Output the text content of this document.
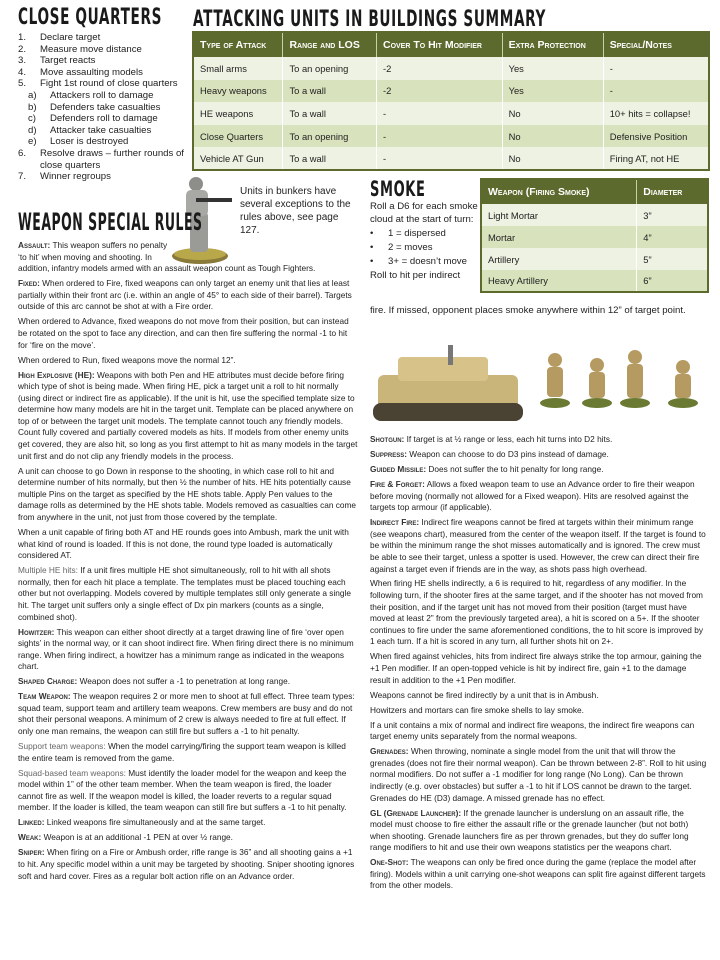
CLOSE QUARTERS
1.	Declare target
2.	Measure move distance
3.	Target reacts
4.	Move assaulting models
5.	Fight 1st round of close quarters
a)	Attackers roll to damage
b)	Defenders take casualties
c)	Defenders roll to damage
d)	Attacker take casualties
e)	Loser is destroyed
6.	Resolve draws – further rounds of close quarters
7.	Winner regroups
ATTACKING UNITS IN BUILDINGS SUMMARY
Type of Attack	Range and LOS	Cover To Hit Modifier	Extra Protection	Special/Notes
Small arms	To an opening	-2	Yes	-
Heavy weapons	To a wall	-2	Yes	-
HE weapons	To a wall	-	No	10+ hits = collapse!
Close Quarters	To an opening	-	No	Defensive Position
Vehicle AT Gun	To a wall	-	No	Firing AT, not HE
Units in bunkers have several exceptions to the rules above, see page 127.
WEAPON SPECIAL RULES

Assault: This weapon suffers no penalty ‘to hit’ when moving and shooting. In addition, infantry models armed with an assault weapon count as Tough Fighters.

Fixed: When ordered to Fire, fixed weapons can only target an enemy unit that lies at least partially within their front arc (i.e. within an angle of 45° to each side of their barrel). Targets outside of this arc cannot be shot at with a Fire order.

When ordered to Advance, fixed weapons do not move from their position, but can instead be rotated on the spot to face any direction, and can then fire suffering the normal -1 to hit for ‘fire on the move’.

When ordered to Run, fixed weapons move the normal 12”.

High Explosive (HE): Weapons with both Pen and HE attributes must decide before firing which type of shot is being made. When firing HE, pick a target unit a roll to hit normally (using direct or indirect fire as applicable). If the unit is hit, use the specified template size to determine how many models are hit in the target unit. Template can be placed anywhere on top of or between the target unit models. The template cannot touch any friendly models. Count fully covered and partially covered models as hits. If models from other enemy units get covered, they are also hit, so long as you first attempt to hit as many models in the target unit first and do not clip any friendly models in the process.

A unit can choose to go Down in response to the shooting, in which case roll to hit and determine number of hits normally, but then ½ the number of hits. HE hits potentially cause multiple Pins on the target as specified by the HE shots table. Apply Pen values to the damage rolls as determined by the HE shots table. Models removed as casualties can come from anywhere in the unit, not just from those covered by the template.

When a unit capable of firing both AT and HE rounds goes into Ambush, mark the unit with what kind of round is loaded. If this is not done, the round type loaded is automatically considered AT.

Multiple HE hits: If a unit fires multiple HE shot simultaneously, roll to hit with all shots normally, then for each hit place a template. The templates must be placed touching each other but not overlapping. Models covered by multiple templates still only generate a single hit. The target unit suffers only a single effect of Dx pin markers (counts as a single, combined shot).

Howitzer: This weapon can either shoot directly at a target drawing line of fire ‘over open sights’ in the normal way, or it can shoot indirect fire. When firing direct there is no minimum range. When firing indirect, a howitzer has a minimum range as indicated in the weapons chart.

Shaped Charge: Weapon does not suffer a -1 to penetration at long range.

Team Weapon: The weapon requires 2 or more men to shoot at full effect. Three team types: squad team, support team and artillery team weapons. Crew members are busy and do not shot their personal weapons. A minimum of 2 crew is always needed to fire at full effect. If only one man remains, the weapon can still fire but suffers a -1 to hit penalty.

Support team weapons: When the model carrying/firing the support team weapon is killed the entire team is removed from the game.

Squad-based team weapons: Must identify the loader model for the weapon and keep the model within 1” of the other team member. When the team weapon is fired, the loader cannot fire as well. If the weapon model is killed, the loader reverts to a regular squad member. If the loader is killed, the team weapon can still fire but suffers a -1 to hit penalty.

Linked: Linked weapons fire simultaneously and at the same target.

Weak: Weapon is at an additional -1 PEN at over ½ range.

Sniper: When firing on a Fire or Ambush order, rifle range is 36” and all shooting gains a +1 to hit. Any specific model within a unit may be targeted by shooting. Sniper shooting ignores soft and hard cover. Fires as a regular bolt action rifle on an Advance order.

SMOKE
Roll a D6 for each smoke cloud at the start of turn:
•	1 = dispersed
•	2 = moves
•	3+ = doesn’t move
Roll to hit per indirect
fire. If missed, opponent places smoke anywhere within 12” of target point.
Weapon (Firing Smoke)	Diameter
Light Mortar	3”
Mortar	4”
Artillery	5”
Heavy Artillery	6”

Shotgun: If target is at ½ range or less, each hit turns into D2 hits.

Suppress: Weapon can choose to do D3 pins instead of damage.

Guided Missile: Does not suffer the to hit penalty for long range.

Fire & Forget: Allows a fixed weapon team to use an Advance order to fire their weapon before moving (normally not allowed for a Fixed weapon). Hits are resolved against the targets top armour (if applicable).

Indirect Fire: Indirect fire weapons cannot be fired at targets within their minimum range (see weapons chart), measured from the center of the weapon itself. If the target is found to be within the minimum range the shot misses automatically and is ignored. The crew must be able to see their target, unless a spotter is used. However, the crew can direct their fire against a target even if friends are in the way, as shots pass high overhead.

When firing HE shells indirectly, a 6 is required to hit, regardless of any modifier. In the following turn, if the shooter fires at the same target, and if the shooter has not moved from their position, and if the target unit has not moved from their position (target must have moved at least 2” from the previously targeted area), a hit is scored on a 5+. If the shooter continues to fire under the same aforementioned conditions, the to hit score is improved by 1 each turn. If a hit is scored in any turn, all further shots hit on 2+.

When fired against vehicles, hits from indirect fire always strike the top armour, gaining the +1 Pen modifier. If an open-topped vehicle is hit by indirect fire, gain +1 to the damage result in addition to the +1 Pen modifier.

Weapons cannot be fired indirectly by a unit that is in Ambush.

Howitzers and mortars can fire smoke shells to lay smoke.

If a unit contains a mix of normal and indirect fire weapons, the indirect fire weapons can target enemy units separately from the normal weapons.

Grenades: When throwing, nominate a single model from the unit that will throw the grenades (does not fire their normal weapon). Can be thrown between 2-8”. Roll to hit using normal modifiers. Do not suffer a -1 modifier for long range (No Long). Can be thrown indirectly (e.g. over obstacles) but suffer a -1 to hit if LOS cannot be drawn to the target. Grenades do HE (D3) damage. A missed grenade has no effect.

GL (Grenade Launcher): If the grenade launcher is underslung on an assault rifle, the model must choose to fire either the assault rifle or the grenade launcher (but not both) when shooting. Grenade launchers fire as per thrown grenades, but they do suffer long range modifiers to hit and use their own weapons statistics per the weapons chart.

One-Shot: The weapons can only be fired once during the game (replace the model after firing). Models within a unit carrying one-shot weapons can split fire against different targets from the other models.
